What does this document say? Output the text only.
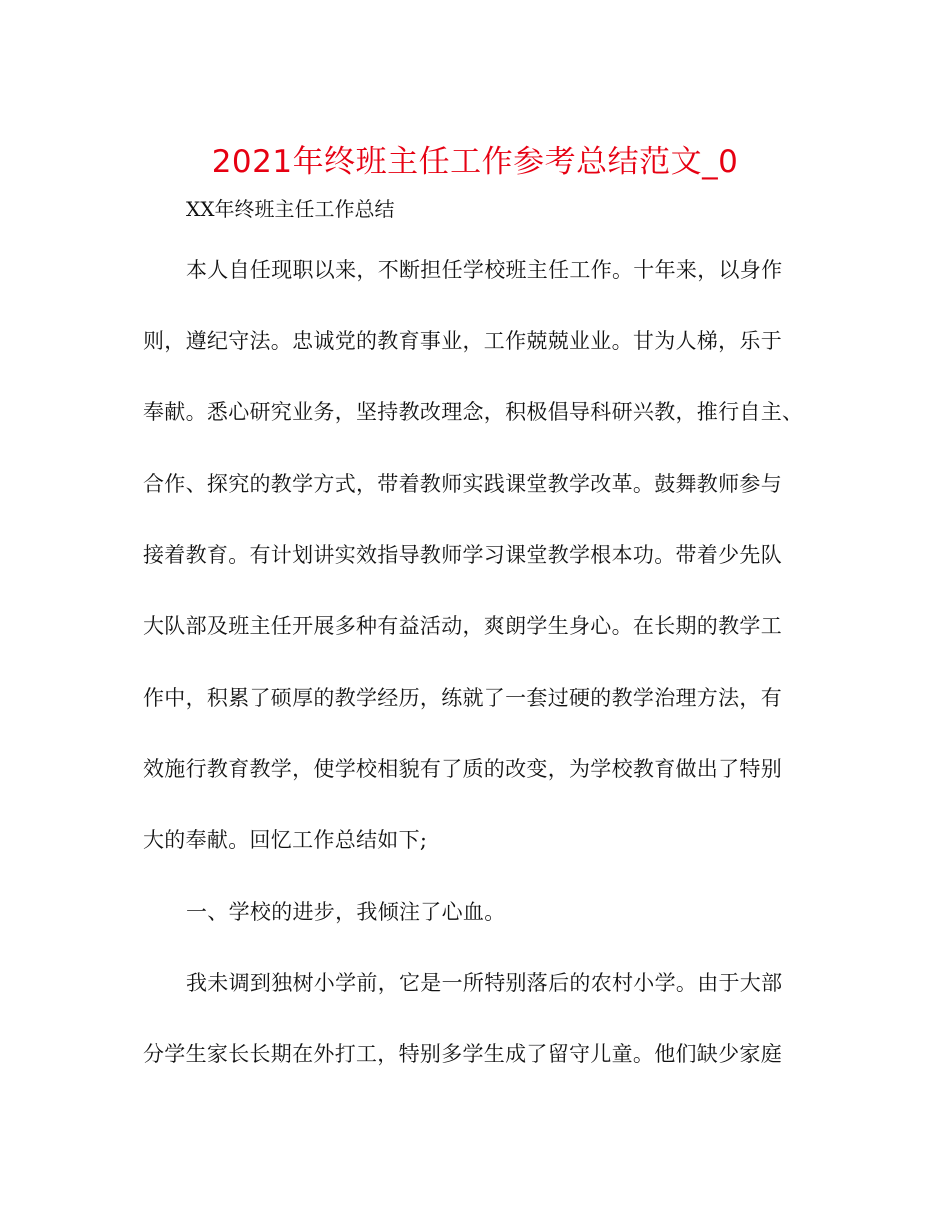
2021年终班主任工作参考总结范文_0

XX年终班主任工作总结

本人自任现职以来，不断担任学校班主任工作。十年来，以身作

则，遵纪守法。忠诚党的教育事业，工作兢兢业业。甘为人梯，乐于

奉献。悉心研究业务，坚持教改理念，积极倡导科研兴教，推行自主、

合作、探究的教学方式，带着教师实践课堂教学改革。鼓舞教师参与

接着教育。有计划讲实效指导教师学习课堂教学根本功。带着少先队

大队部及班主任开展多种有益活动，爽朗学生身心。在长期的教学工

作中，积累了硕厚的教学经历，练就了一套过硬的教学治理方法，有

效施行教育教学，使学校相貌有了质的改变，为学校教育做出了特别

大的奉献。回忆工作总结如下;

一、学校的进步，我倾注了心血。

我未调到独树小学前，它是一所特别落后的农村小学。由于大部

分学生家长长期在外打工，特别多学生成了留守儿童。他们缺少家庭
